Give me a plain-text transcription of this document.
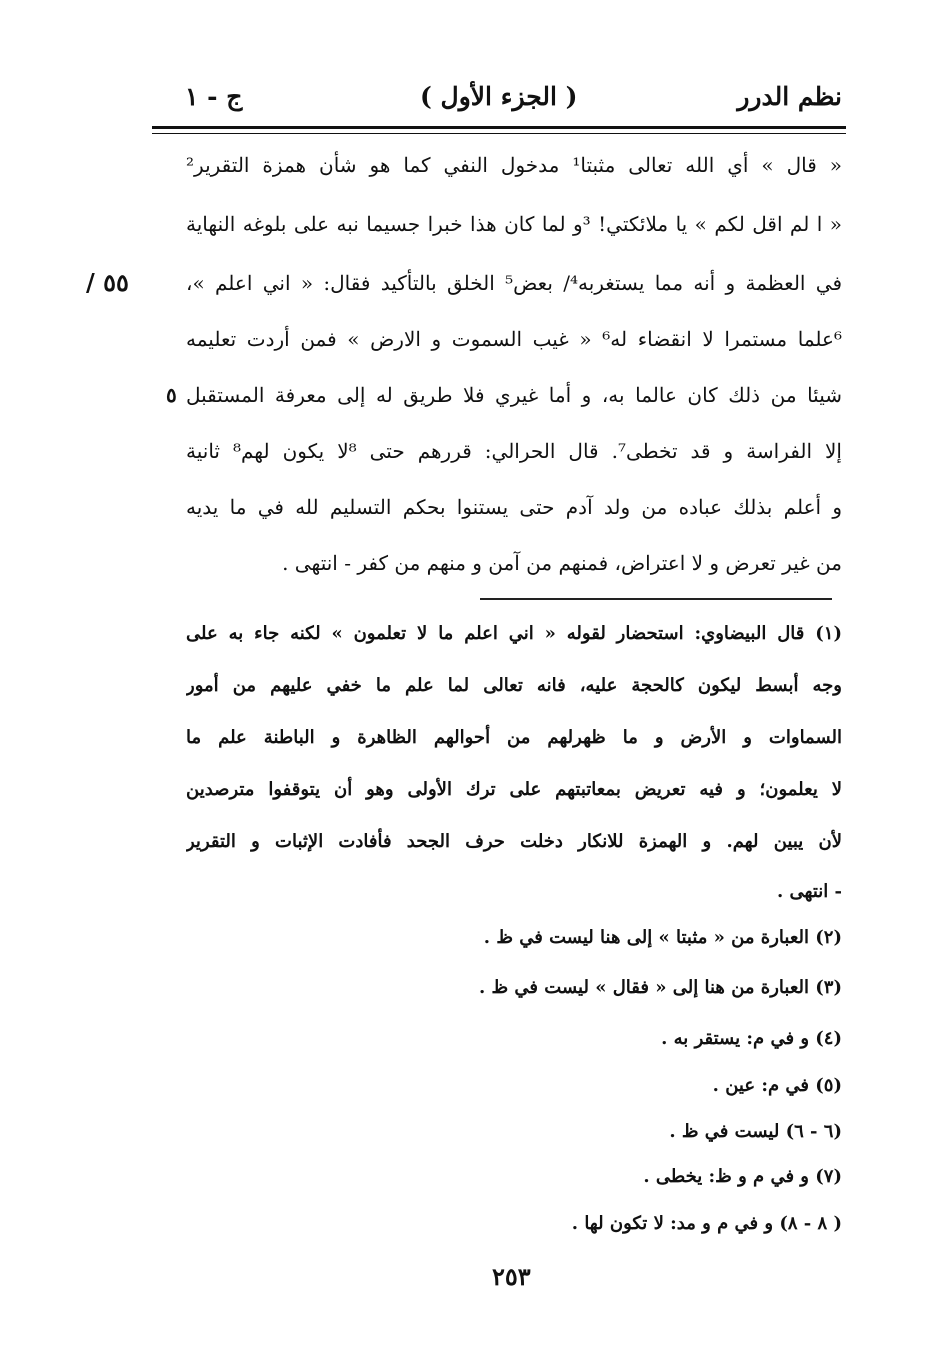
نظم الدرر
( الجزء الأول )
ج - ١
٥٥ /
٥
« قال » أي الله تعالى مثبتا¹ مدخول النفي كما هو شأن همزة التقرير²
« ا لم اقل لكم » يا ملائكتي! ³و لما كان هذا خبرا جسيما نبه على بلوغه النهاية
في العظمة و أنه مما يستغربه⁴/ بعض⁵ الخلق بالتأكيد فقال: « اني اعلم »،
⁶علما مستمرا لا انقضاء له⁶ « غيب السموت و الارض » فمن أردت تعليمه
شيئا من ذلك كان عالما به، و أما غيري فلا طريق له إلى معرفة المستقبل
إلا الفراسة و قد تخطى⁷. قال الحرالي: قررهم حتى ⁸لا يكون لهم⁸ ثانية
و أعلم بذلك عباده من ولد آدم حتى يستنوا بحكم التسليم لله في ما يديه
من غير تعرض و لا اعتراض، فمنهم من آمن و منهم من كفر - انتهى .
(١) قال البيضاوي: استحضار لقوله « اني اعلم ما لا تعلمون » لكنه جاء به على
وجه أبسط ليكون كالحجة عليه، فانه تعالى لما علم ما خفي عليهم من أمور
السماوات و الأرض و ما ظهرلهم من أحوالهم الظاهرة و الباطنة علم ما
لا يعلمون؛ و فيه تعريض بمعاتبتهم على ترك الأولى وهو أن يتوقفوا مترصدين
لأن يبين لهم. و الهمزة للانكار دخلت حرف الجحد فأفادت الإثبات و التقرير
- انتهى .
(٢) العبارة من « مثبتا » إلى هنا ليست في ظ .
(٣) العبارة من هنا إلى « فقال » ليست في ظ .
(٤) و في م: يستقر به .
(٥) في م: عين .
(٦ - ٦) ليست في ظ .
(٧) و في م و ظ: يخطى .
( ٨ - ٨) و في م و مد: لا تكون لها .
٢٥٣
